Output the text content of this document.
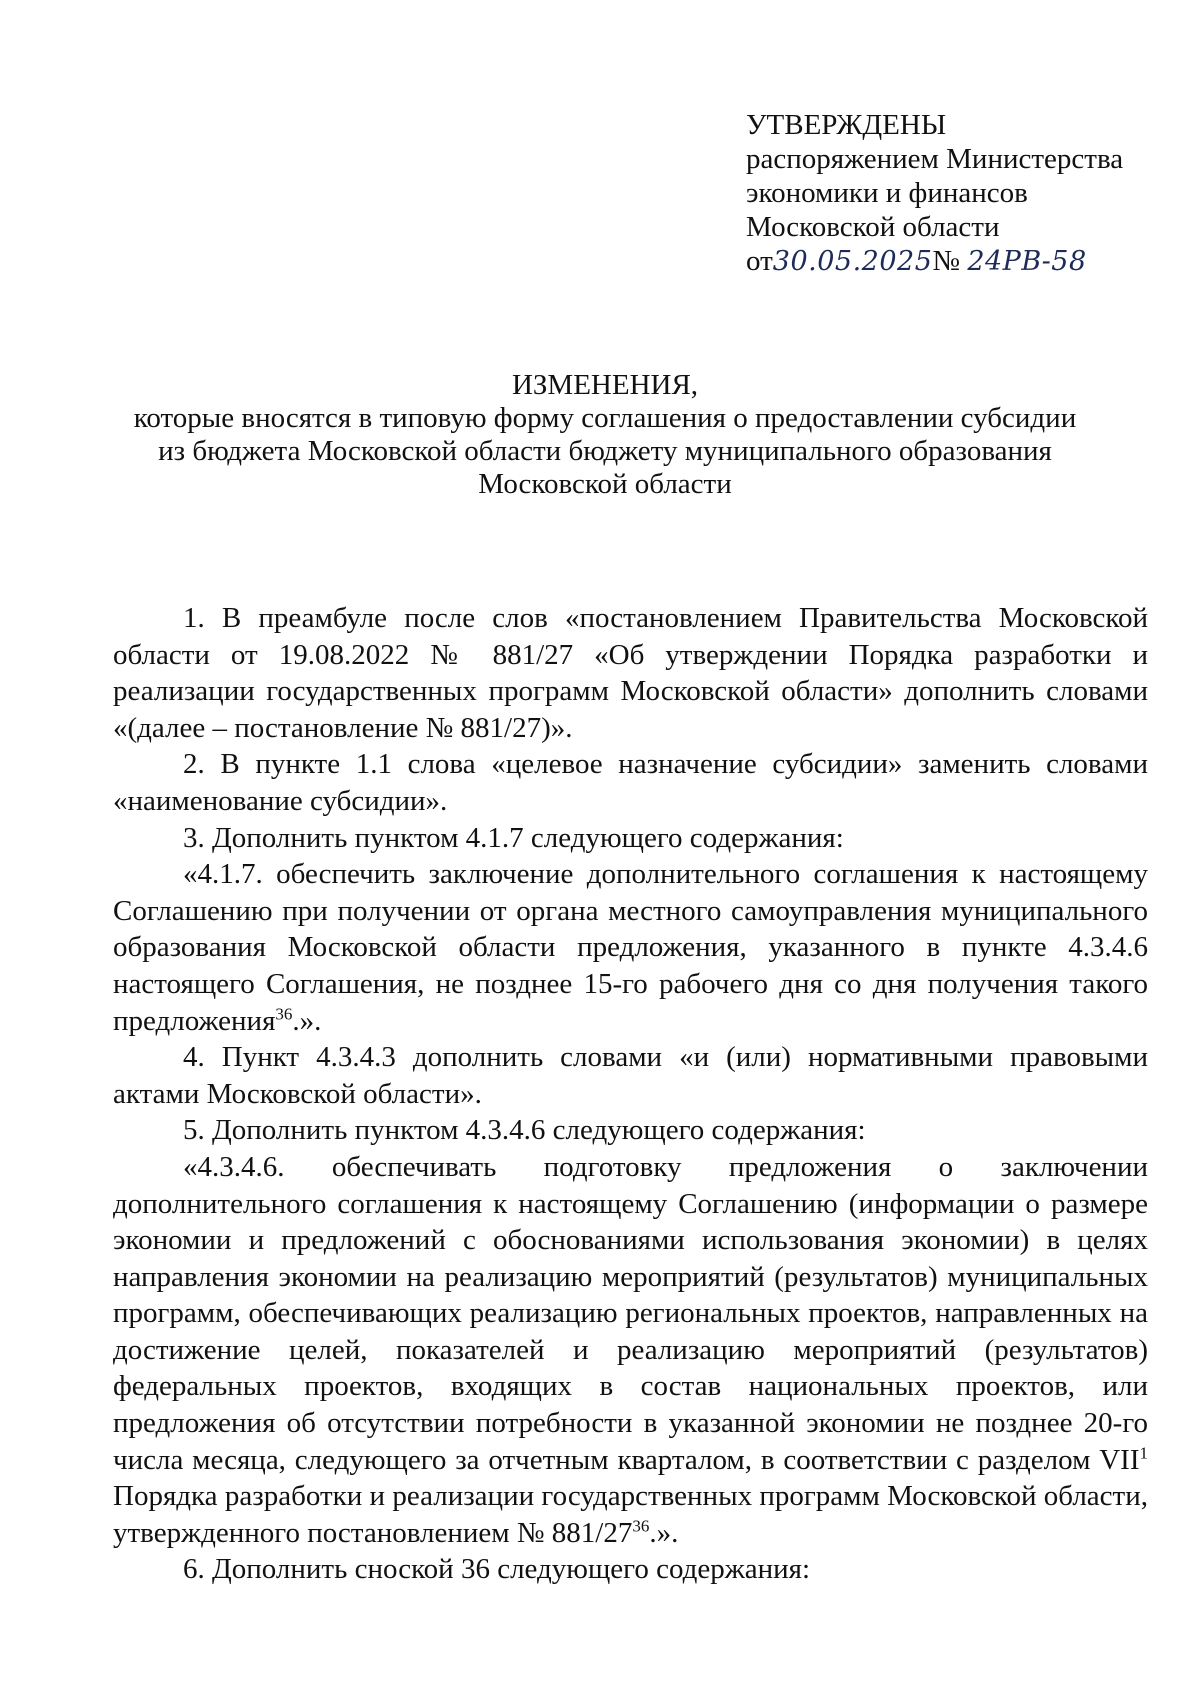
УТВЕРЖДЕНЫ
распоряжением Министерства
экономики и финансов
Московской области
от30.05.2025№ 24РВ-58
ИЗМЕНЕНИЯ,
которые вносятся в типовую форму соглашения о предоставлении субсидии
из бюджета Московской области бюджету муниципального образования
Московской области

1. В преамбуле после слов «постановлением Правительства Московской области от 19.08.2022 № 881/27 «Об утверждении Порядка разработки и реализации государственных программ Московской области» дополнить словами «(далее – постановление № 881/27)».

2. В пункте 1.1 слова «целевое назначение субсидии» заменить словами «наименование субсидии».

3. Дополнить пунктом 4.1.7 следующего содержания:

«4.1.7. обеспечить заключение дополнительного соглашения к настоящему Соглашению при получении от органа местного самоуправления муниципального образования Московской области предложения, указанного в пункте 4.3.4.6 настоящего Соглашения, не позднее 15-го рабочего дня со дня получения такого предложения$^{36}$.».

4. Пункт 4.3.4.3 дополнить словами «и (или) нормативными правовыми актами Московской области».

5. Дополнить пунктом 4.3.4.6 следующего содержания:

«4.3.4.6. обеспечивать подготовку предложения о заключении дополнительного соглашения к настоящему Соглашению (информации о размере экономии и предложений с обоснованиями использования экономии) в целях направления экономии на реализацию мероприятий (результатов) муниципальных программ, обеспечивающих реализацию региональных проектов, направленных на достижение целей, показателей и реализацию мероприятий (результатов) федеральных проектов, входящих в состав национальных проектов, или предложения об отсутствии потребности в указанной экономии не позднее 20-го числа месяца, следующего за отчетным кварталом, в соответствии с разделом VII$^1$ Порядка разработки и реализации государственных программ Московской области, утвержденного постановлением № $881/27^{36}$.».

6. Дополнить сноской 36 следующего содержания:
